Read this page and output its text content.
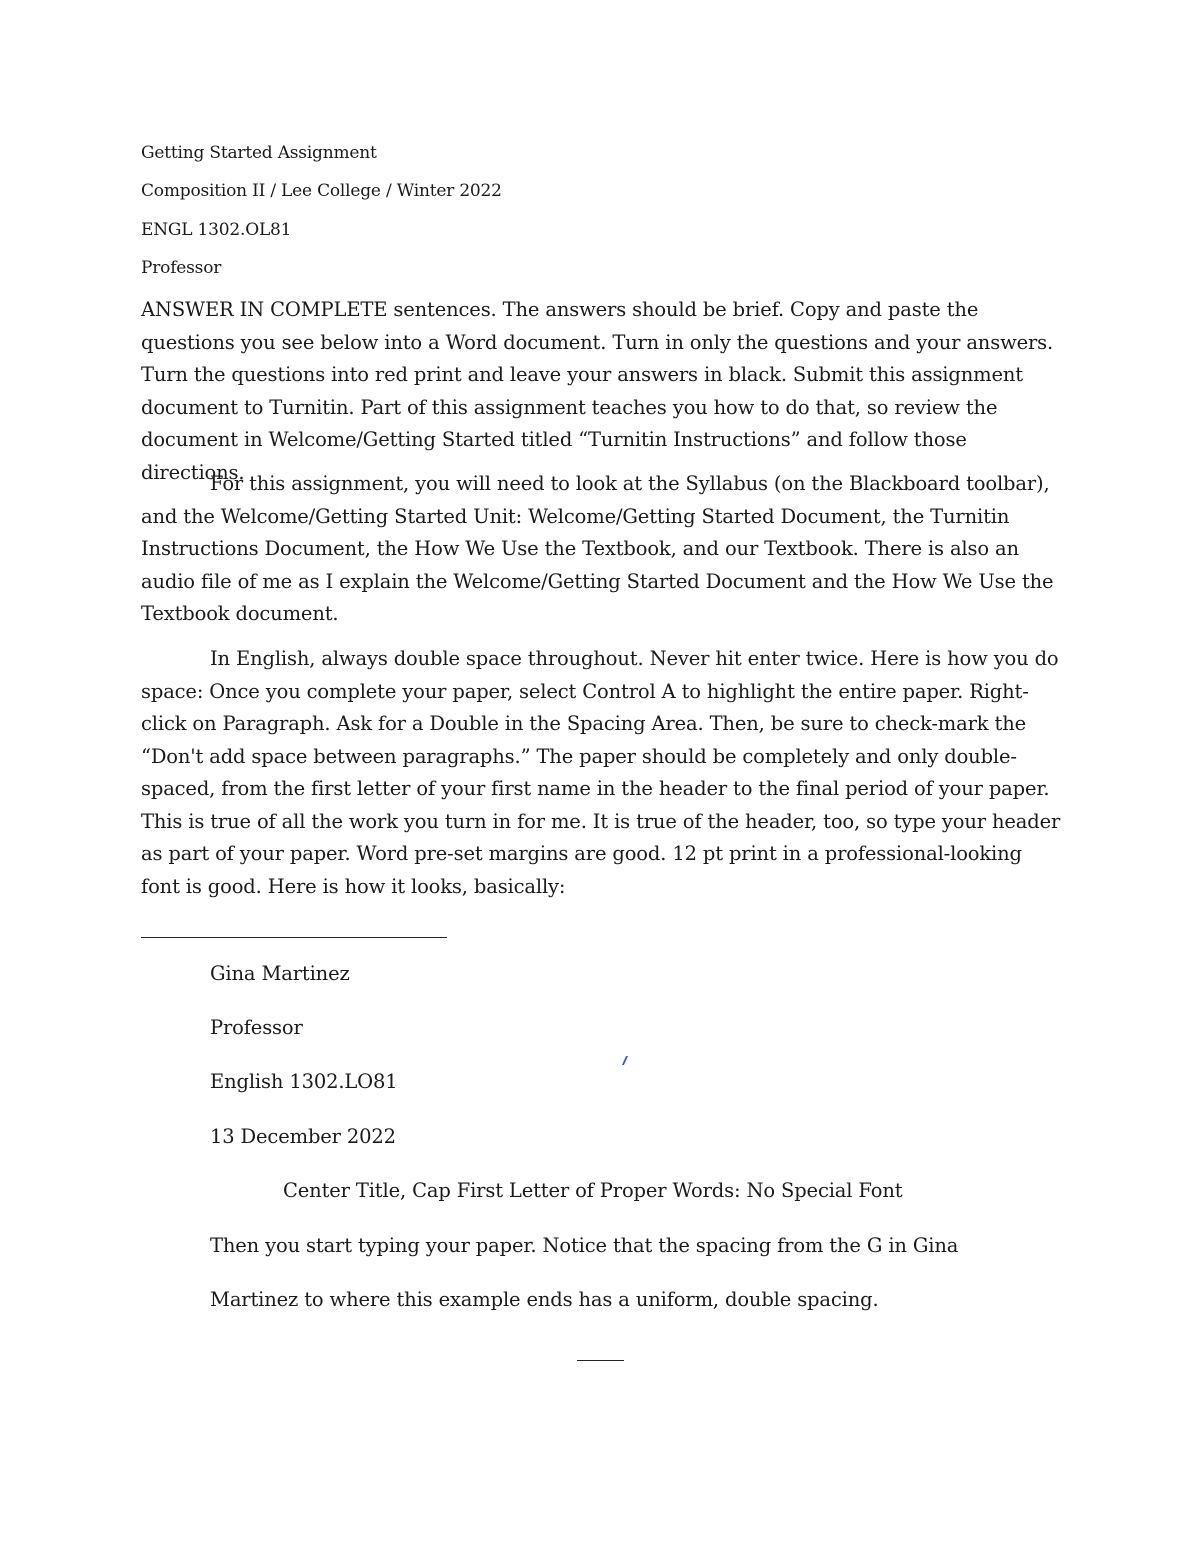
Getting Started Assignment
Composition II / Lee College / Winter 2022
ENGL 1302.OL81
Professor
ANSWER IN COMPLETE sentences. The answers should be brief. Copy and paste the questions you see below into a Word document. Turn in only the questions and your answers. Turn the questions into red print and leave your answers in black. Submit this assignment document to Turnitin. Part of this assignment teaches you how to do that, so review the document in Welcome/Getting Started titled “Turnitin Instructions” and follow those directions.
For this assignment, you will need to look at the Syllabus (on the Blackboard toolbar), and the Welcome/Getting Started Unit: Welcome/Getting Started Document, the Turnitin Instructions Document, the How We Use the Textbook, and our Textbook. There is also an audio file of me as I explain the Welcome/Getting Started Document and the How We Use the Textbook document.
In English, always double space throughout. Never hit enter twice. Here is how you do space: Once you complete your paper, select Control A to highlight the entire paper. Right-click on Paragraph. Ask for a Double in the Spacing Area. Then, be sure to check-mark the “Don't add space between paragraphs.” The paper should be completely and only double-spaced, from the first letter of your first name in the header to the final period of your paper. This is true of all the work you turn in for me. It is true of the header, too, so type your header as part of your paper. Word pre-set margins are good. 12 pt print in a professional-looking font is good. Here is how it looks, basically:
Gina Martinez
Professor
English 1302.LO81
13 December 2022
Center Title, Cap First Letter of Proper Words: No Special Font
Then you start typing your paper. Notice that the spacing from the G in Gina
Martinez to where this example ends has a uniform, double spacing.
